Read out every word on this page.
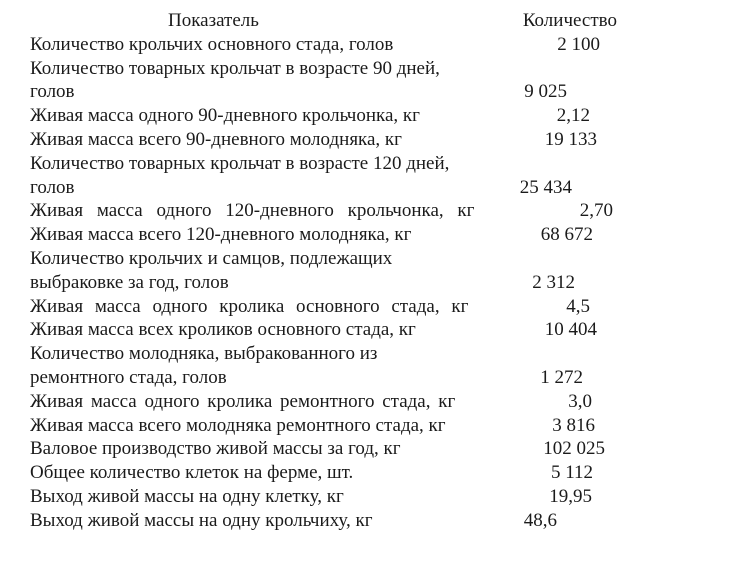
Показатель	Количество
Количество крольчих основного стада, голов	2 100
Количество товарных крольчат в возрасте 90 дней,
голов	9 025
Живая масса одного 90-дневного крольчонка, кг	2,12
Живая масса всего 90-дневного молодняка, кг	19 133
Количество товарных крольчат в возрасте 120 дней,
голов	25 434
Живая масса одного 120-дневного крольчонка, кг	2,70
Живая масса всего 120-дневного молодняка, кг	68 672
Количество крольчих и самцов, подлежащих
выбраковке за год, голов	2 312
Живая масса одного кролика основного стада, кг	4,5
Живая масса всех кроликов основного стада, кг	10 404
Количество молодняка, выбракованного из
ремонтного стада, голов	1 272
Живая масса одного кролика ремонтного стада, кг	3,0
Живая масса всего молодняка ремонтного стада, кг	3 816
Валовое производство живой массы за год, кг	102 025
Общее количество клеток на ферме, шт.	5 112
Выход живой массы на одну клетку, кг	19,95
Выход живой массы на одну крольчиху, кг	48,6
